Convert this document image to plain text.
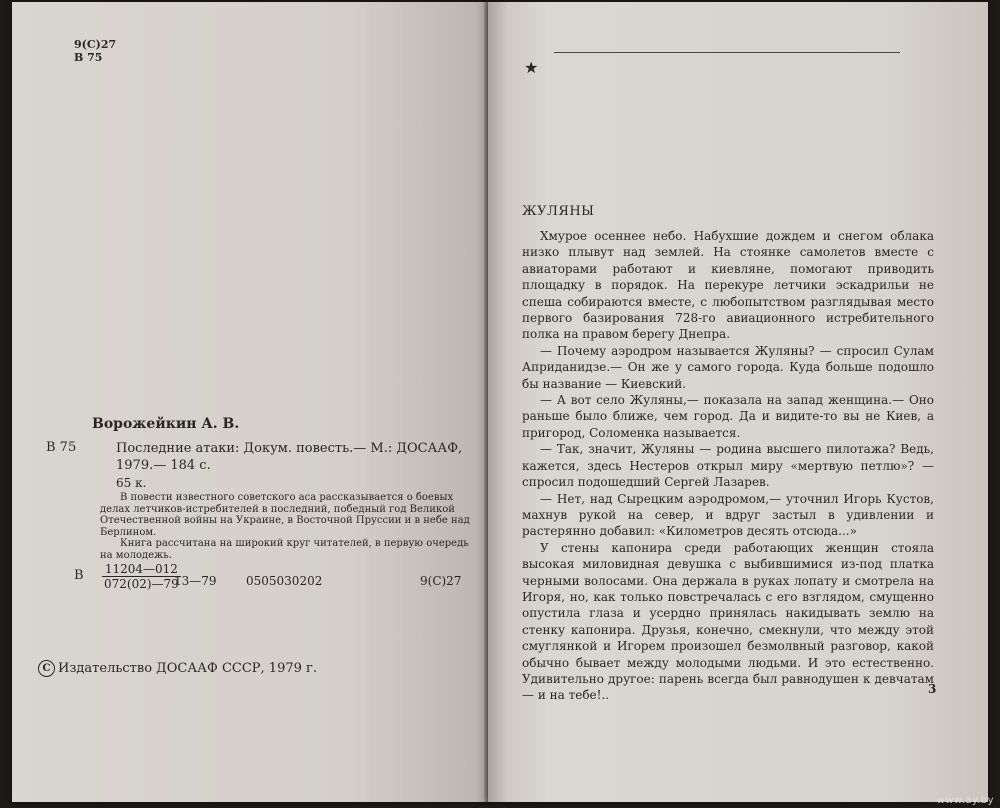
9(С)27
В 75
Ворожейкин А. В.
В 75	Последние атаки: Докум. повесть.— М.: ДОСААФ, 1979.— 184 с.
65 к.

В повести известного советского аса рассказывается о боевых делах летчиков-истребителей в последний, победный год Великой Отечественной войны на Украине, в Восточной Пруссии и в небе над Берлином.

Книга рассчитана на широкий круг читателей, в первую очередь на молодежь.

В $\frac{11204—012}{072(02)—79}$
13—79 0505030202	9(С)27
С Издательство ДОСААФ СССР, 1979 г.
★
ЖУЛЯНЫ

Хмурое осеннее небо. Набухшие дождем и снегом облака низко плывут над землей. На стоянке самолетов вместе с авиаторами работают и киевляне, помогают приводить площадку в порядок. На перекуре летчики эскадрильи не спеша собираются вместе, с любопытством разглядывая место первого базирования 728-го авиационного истребительного полка на правом берегу Днепра.

— Почему аэродром называется Жуляны? — спросил Сулам Априданидзе.— Он же у самого города. Куда больше подошло бы название — Киевский.

— А вот село Жуляны,— показала на запад женщина.— Оно раньше было ближе, чем город. Да и видите-то вы не Киев, а пригород, Соломенка называется.

— Так, значит, Жуляны — родина высшего пилотажа? Ведь, кажется, здесь Нестеров открыл миру «мертвую петлю»? — спросил подошедший Сергей Лазарев.

— Нет, над Сырецким аэродромом,— уточнил Игорь Кустов, махнув рукой на север, и вдруг застыл в удивлении и растерянно добавил: «Километров десять отсюда...»

У стены капонира среди работающих женщин стояла высокая миловидная девушка с выбившимися из-под платка черными волосами. Она держала в руках лопату и смотрела на Игоря, но, как только повстречалась с его взглядом, смущенно опустила глаза и усердно принялась накидывать землю на стенку капонира. Друзья, конечно, смекнули, что между этой смуглянкой и Игорем произошел безмолвный разговор, какой обычно бывает между молодыми людьми. И это естественно. Удивительно другое: парень всегда был равнодушен к девчатам — и на тебе!..	3
www.ay.by
